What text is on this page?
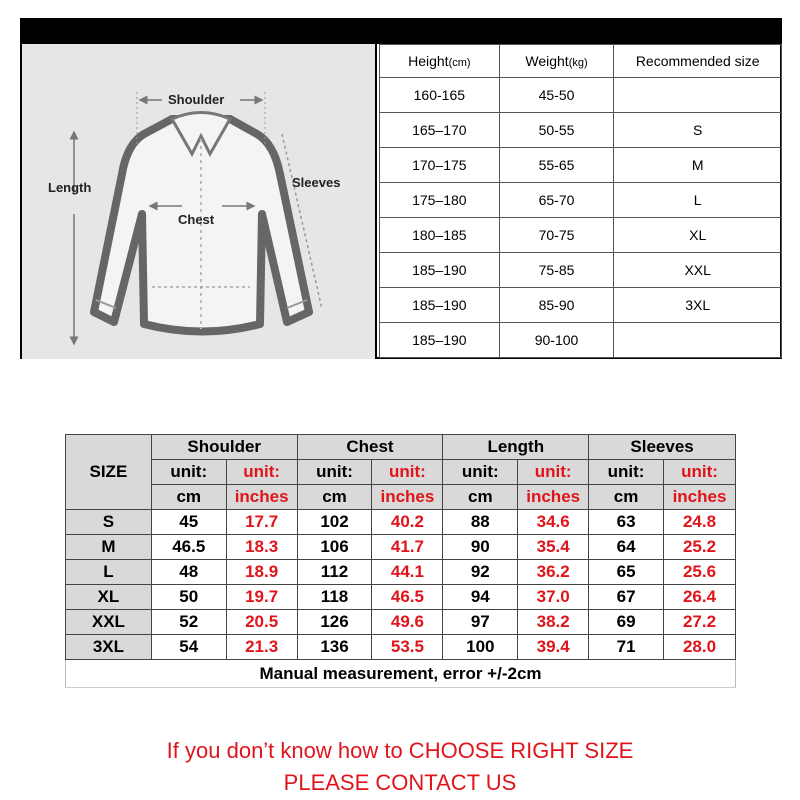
Shoulder
Length	Sleeves
Chest
Height(cm)	Weight(kg)	Recommended size
160-165	45-50	
165–170	50-55	S
170–175	55-65	M
175–180	65-70	L
180–185	70-75	XL
185–190	75-85	XXL
185–190	85-90	3XL
185–190	90-100	
SIZE	Shoulder		Chest		Length		Sleeves	
	unit:	unit:	unit:	unit:	unit:	unit:	unit:	unit:
	cm	inches	cm	inches	cm	inches	cm	inches
S	45	17.7	102	40.2	88	34.6	63	24.8
M	46.5	18.3	106	41.7	90	35.4	64	25.2
L	48	18.9	112	44.1	92	36.2	65	25.6
XL	50	19.7	118	46.5	94	37.0	67	26.4
XXL	52	20.5	126	49.6	97	38.2	69	27.2
3XL	54	21.3	136	53.5	100	39.4	71	28.0
Manual measurement, error +/-2cm								
If you don’t know how to CHOOSE RIGHT SIZE
PLEASE CONTACT US
